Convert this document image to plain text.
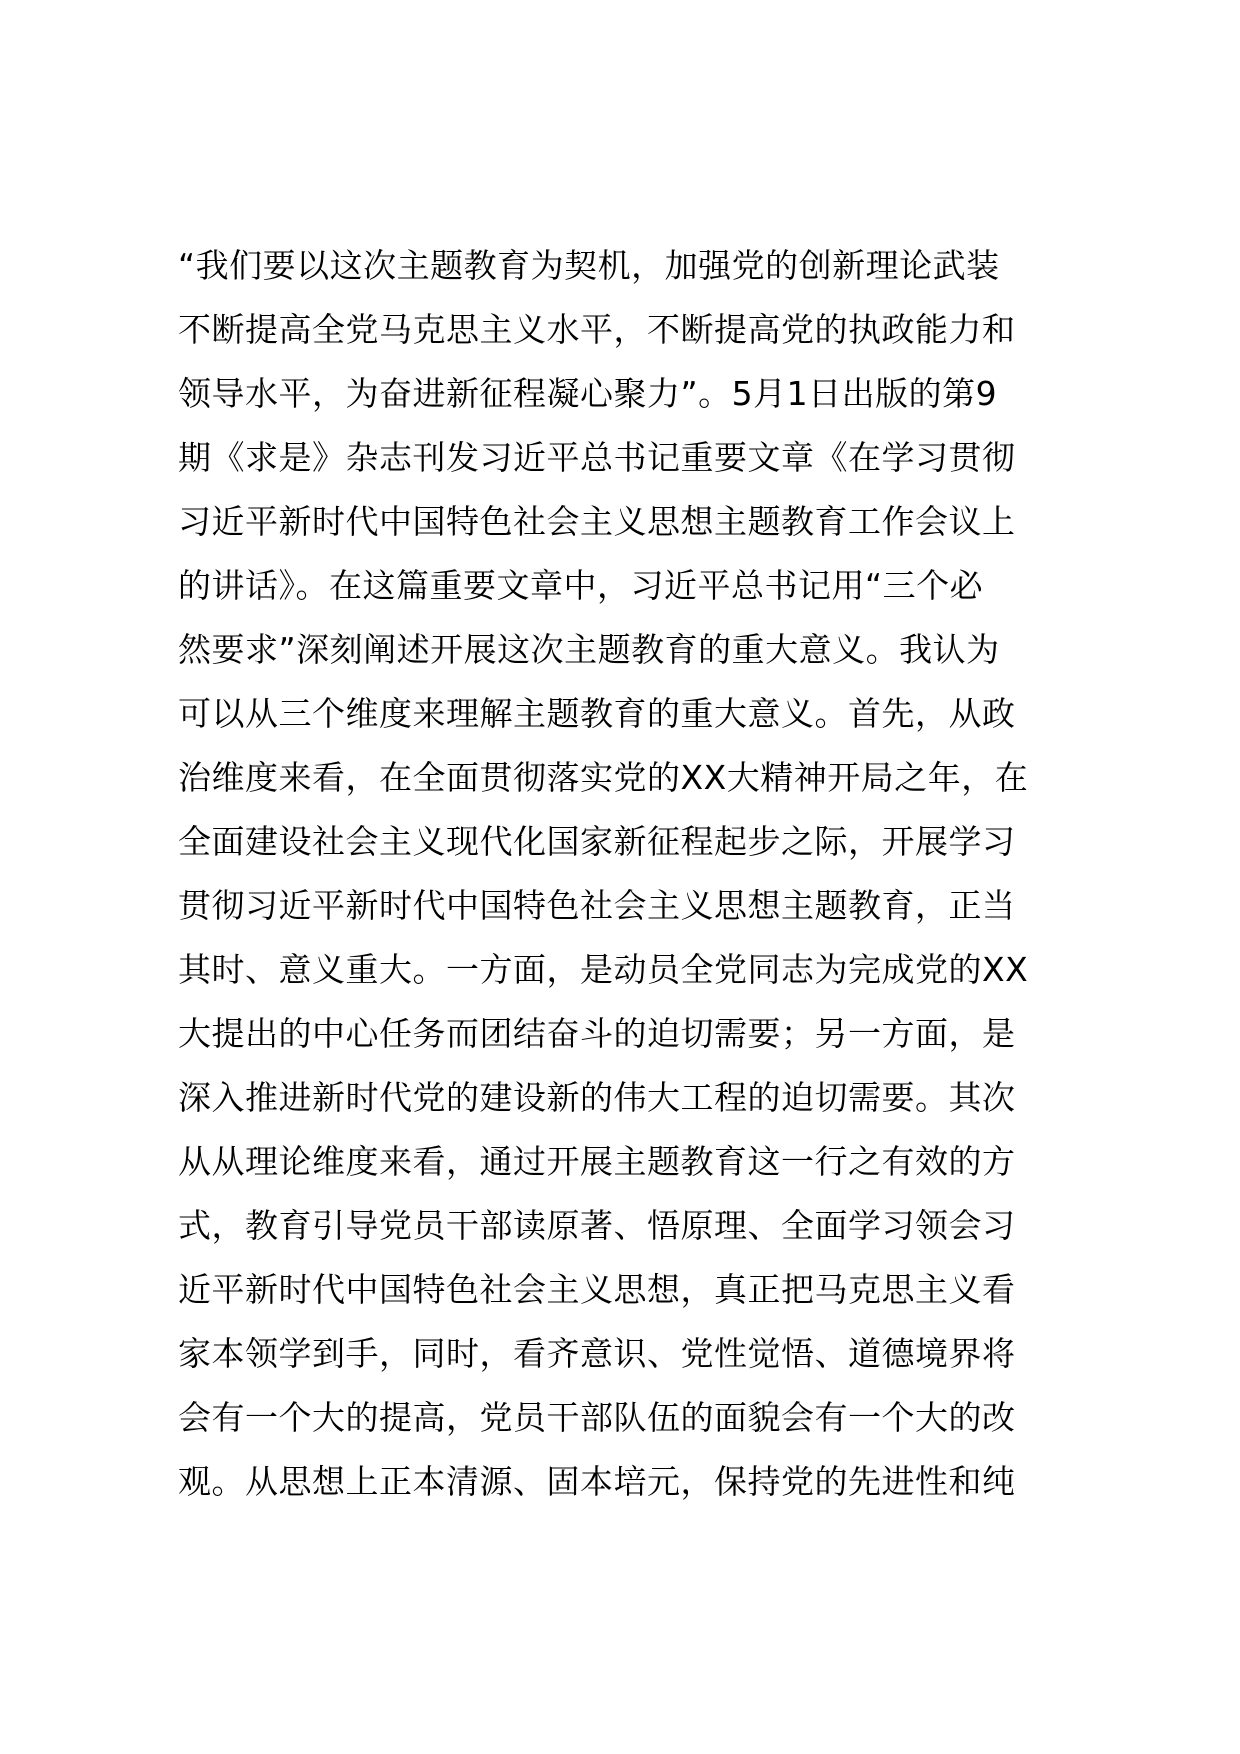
“我们要以这次主题教育为契机，加强党的创新理论武装
不断提高全党马克思主义水平，不断提高党的执政能力和
领导水平，为奋进新征程凝心聚力”。5月1日出版的第9
期《求是》杂志刊发习近平总书记重要文章《在学习贯彻
习近平新时代中国特色社会主义思想主题教育工作会议上
的讲话》。在这篇重要文章中，习近平总书记用“三个必
然要求”深刻阐述开展这次主题教育的重大意义。我认为
可以从三个维度来理解主题教育的重大意义。首先，从政
治维度来看，在全面贯彻落实党的XX大精神开局之年，在
全面建设社会主义现代化国家新征程起步之际，开展学习
贯彻习近平新时代中国特色社会主义思想主题教育，正当
其时、意义重大。一方面，是动员全党同志为完成党的XX
大提出的中心任务而团结奋斗的迫切需要；另一方面，是
深入推进新时代党的建设新的伟大工程的迫切需要。其次
从从理论维度来看，通过开展主题教育这一行之有效的方
式，教育引导党员干部读原著、悟原理、全面学习领会习
近平新时代中国特色社会主义思想，真正把马克思主义看
家本领学到手，同时，看齐意识、党性觉悟、道德境界将
会有一个大的提高，党员干部队伍的面貌会有一个大的改
观。从思想上正本清源、固本培元，保持党的先进性和纯
